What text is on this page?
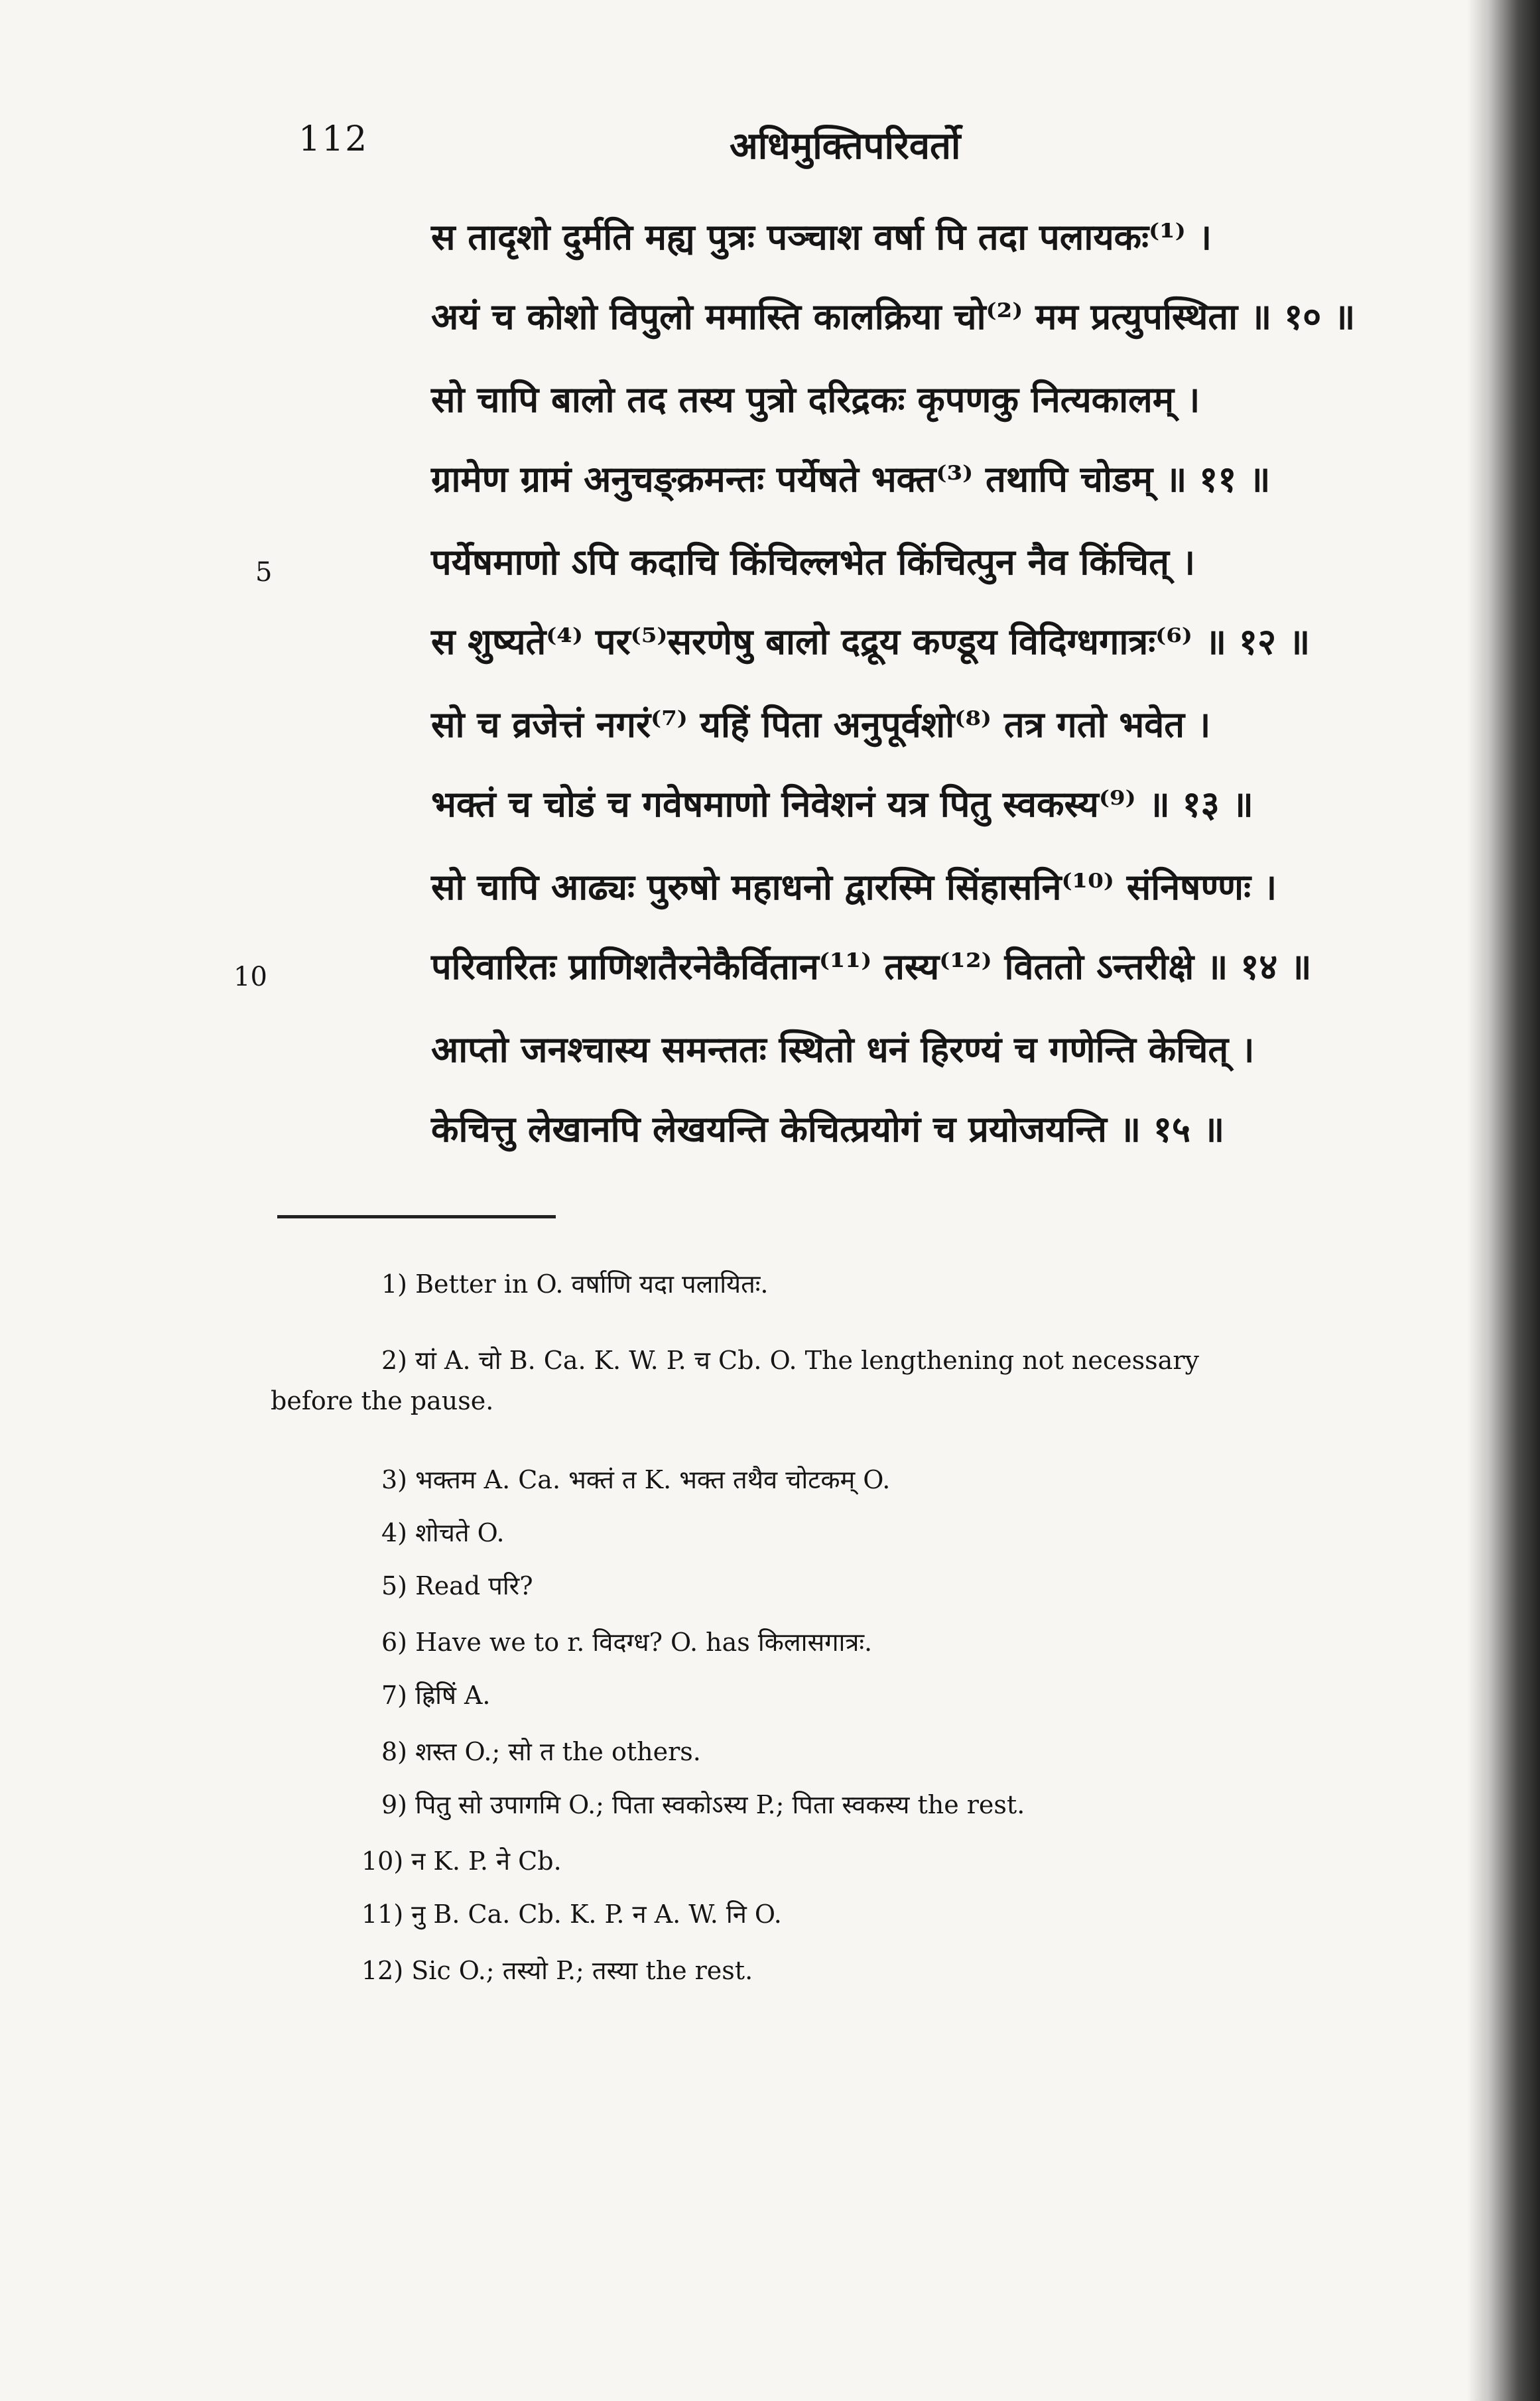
112	अधिमुक्तिपरिवर्तो
स तादृशो दुर्मति मह्य पुत्रः पञ्चाश वर्षा पि तदा पलायकः⁽¹⁾ ।
अयं च कोशो विपुलो ममास्ति कालक्रिया चो⁽²⁾ मम प्रत्युपस्थिता ॥ १० ॥
सो चापि बालो तद तस्य पुत्रो दरिद्रकः कृपणकु नित्यकालम् ।
ग्रामेण ग्रामं अनुचङ्क्रमन्तः पर्येषते भक्त⁽³⁾ तथापि चोडम् ॥ ११ ॥
पर्येषमाणो ऽपि कदाचि किंचिल्लभेत किंचित्पुन नैव किंचित् ।
स शुष्यते⁽⁴⁾ पर⁽⁵⁾सरणेषु बालो दद्रूय कण्डूय विदिग्धगात्रः⁽⁶⁾ ॥ १२ ॥
सो च व्रजेत्तं नगरं⁽⁷⁾ यहिं पिता अनुपूर्वशो⁽⁸⁾ तत्र गतो भवेत ।
भक्तं च चोडं च गवेषमाणो निवेशनं यत्र पितु स्वकस्य⁽⁹⁾ ॥ १३ ॥
सो चापि आढ्यः पुरुषो महाधनो द्वारस्मि सिंहासनि⁽¹⁰⁾ संनिषण्णः ।
परिवारितः प्राणिशतैरनेकैर्वितान⁽¹¹⁾ तस्य⁽¹²⁾ विततो ऽन्तरीक्षे ॥ १४ ॥
आप्तो जनश्चास्य समन्ततः स्थितो धनं हिरण्यं च गणेन्ति केचित् ।
केचित्तु लेखानपि लेखयन्ति केचित्प्रयोगं च प्रयोजयन्ति ॥ १५ ॥
5
10
1) Better in O. वर्षाणि यदा पलायितः.
2) यां A. चो B. Ca. K. W. P. च Cb. O. The lengthening not necessary
before the pause.
3) भक्तम A. Ca. भक्तं त K. भक्त तथैव चोटकम् O.
4) शोचते O.
5) Read परि?
6) Have we to r. विदग्ध? O. has किलासगात्रः.
7) ह्रिषिं A.
8) शस्त O.; सो त the others.
9) पितु सो उपागमि O.; पिता स्वकोऽस्य P.; पिता स्वकस्य the rest.
10) न K. P. ने Cb.
11) नु B. Ca. Cb. K. P. न A. W. नि O.
12) Sic O.; तस्यो P.; तस्या the rest.
